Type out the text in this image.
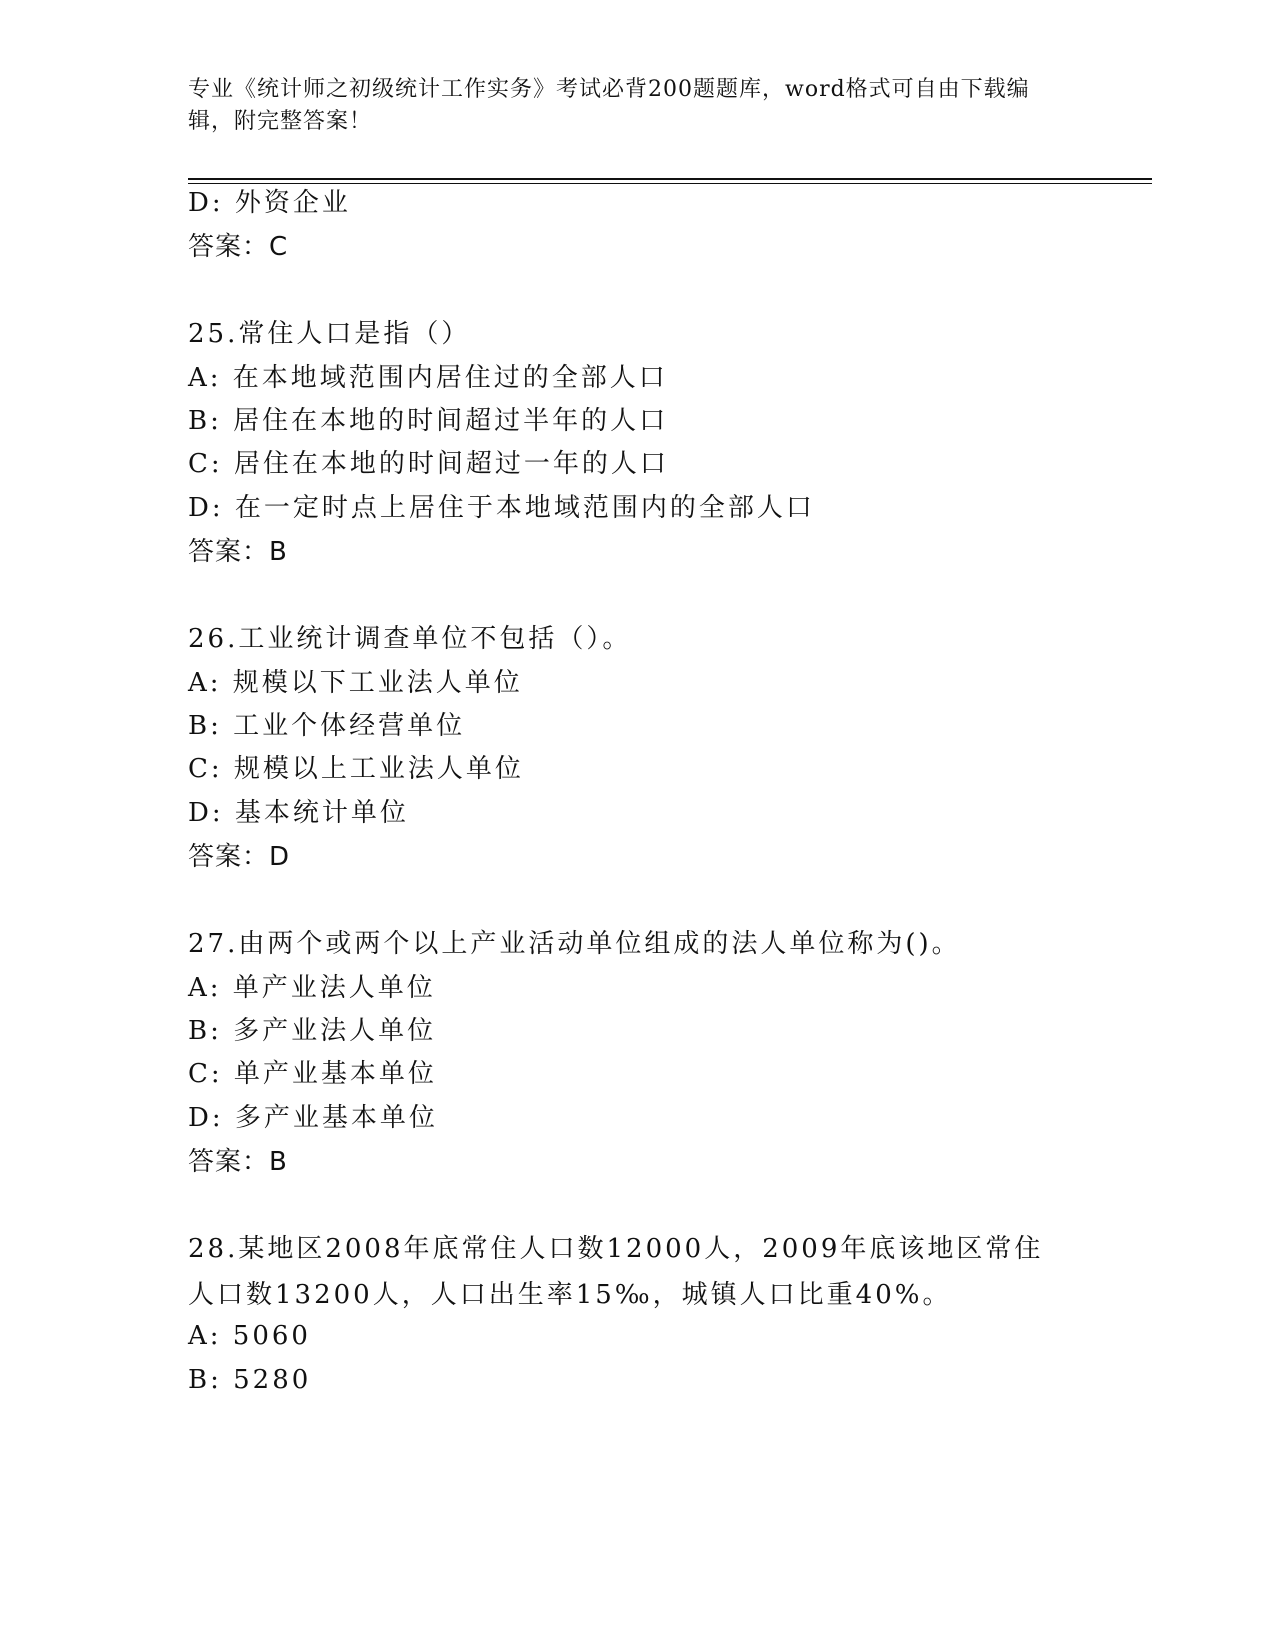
专业《统计师之初级统计工作实务》考试必背200题题库，word格式可自由下载编辑，附完整答案！
D: 外资企业
答案：C
25.常住人口是指（）
A: 在本地域范围内居住过的全部人口
B: 居住在本地的时间超过半年的人口
C: 居住在本地的时间超过一年的人口
D: 在一定时点上居住于本地域范围内的全部人口
答案：B
26.工业统计调查单位不包括（）。
A: 规模以下工业法人单位
B: 工业个体经营单位
C: 规模以上工业法人单位
D: 基本统计单位
答案：D
27.由两个或两个以上产业活动单位组成的法人单位称为()。
A: 单产业法人单位
B: 多产业法人单位
C: 单产业基本单位
D: 多产业基本单位
答案：B
28.某地区2008年底常住人口数12000人，2009年底该地区常住人口数13200人，人口出生率15‰，城镇人口比重40%。
A: 5060
B: 5280
